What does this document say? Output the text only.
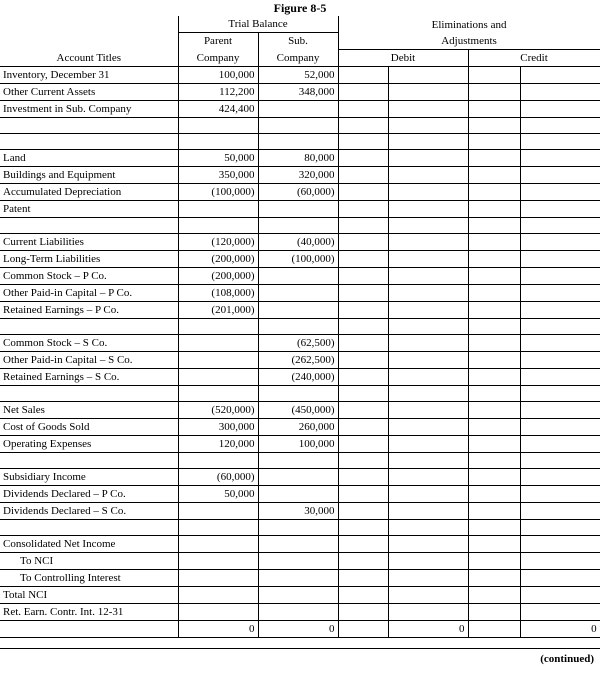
Figure 8-5
	Trial Balance		Eliminations and			
	Parent	Sub.	Adjustments			
Account Titles	Company	Company	Debit		Credit	
Inventory, December 31	100,000	52,000				
Other Current Assets	112,200	348,000				
Investment in Sub. Company	424,400					

Land	50,000	80,000				
Buildings and Equipment	350,000	320,000				
Accumulated Depreciation	(100,000)	(60,000)				
Patent						

Current Liabilities	(120,000)	(40,000)				
Long-Term Liabilities	(200,000)	(100,000)				
Common Stock – P Co.	(200,000)					
Other Paid-in Capital – P Co.	(108,000)					
Retained Earnings – P Co.	(201,000)					

Common Stock – S Co.		(62,500)				
Other Paid-in Capital – S Co.		(262,500)				
Retained Earnings – S Co.		(240,000)				

Net Sales	(520,000)	(450,000)				
Cost of Goods Sold	300,000	260,000				
Operating Expenses	120,000	100,000				

Subsidiary Income	(60,000)					
Dividends Declared – P Co.	50,000					
Dividends Declared – S Co.		30,000				

Consolidated Net Income						
To NCI						
To Controlling Interest						
Total NCI						
Ret. Earn. Contr. Int. 12-31						
	0	0		0		0
(continued)
